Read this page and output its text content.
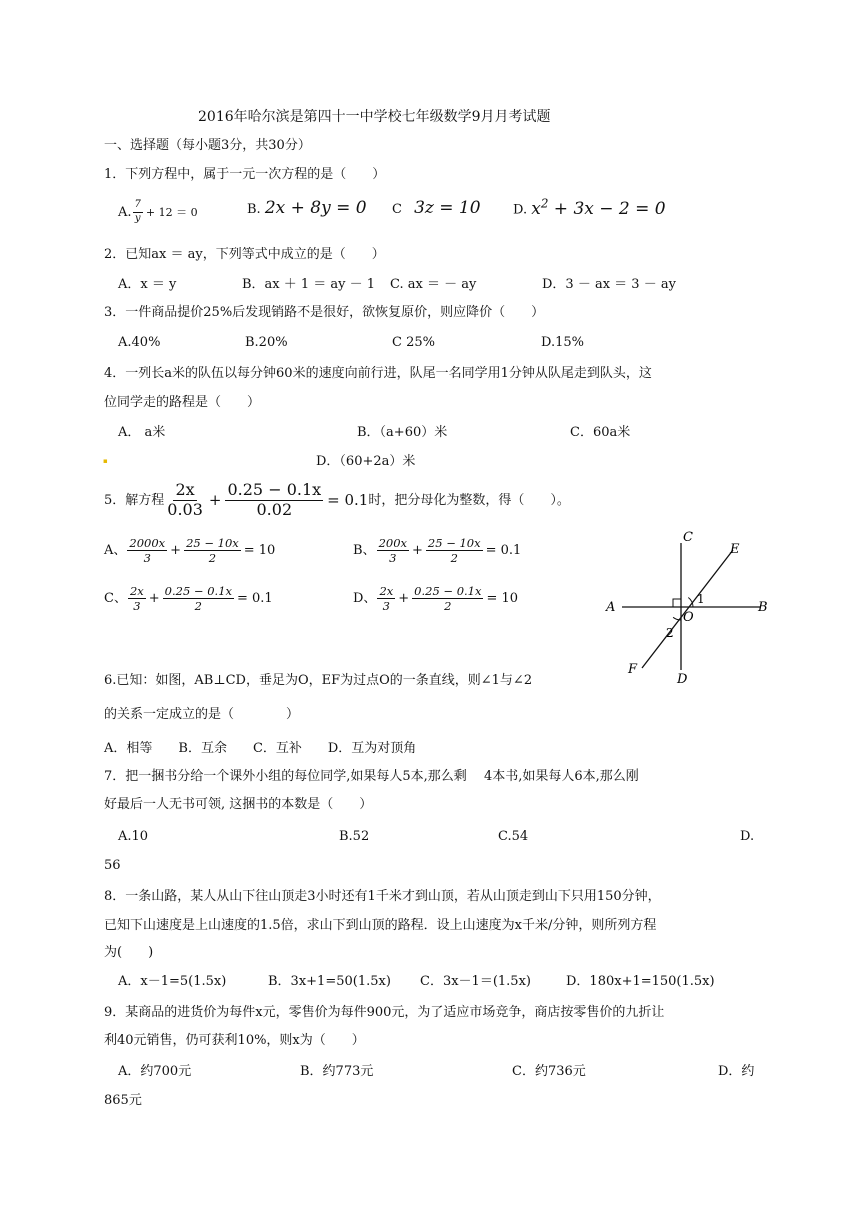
2016年哈尔滨是第四十一中学校七年级数学9月月考试题
一、选择题（每小题3分，共30分）
1．下列方程中，属于一元一次方程的是（　　）
A. $\frac{7}{y} + 12 = 0$	B. 2x + 8y = 0 C 3z = 10 D. $x^2 + 3x - 2 = 0$
2．已知ax ＝ ay，下列等式中成立的是（　　）
A．x ＝ y	B．ax ＋ 1 ＝ ay － 1 C. ax ＝ － ay	D．3 － ax ＝ 3 － ay
3．一件商品提价25%后发现销路不是很好，欲恢复原价，则应降价（　　）
A.40%	B.20%	C 25%	D.15%
4．一列长a米的队伍以每分钟60米的速度向前行进，队尾一名同学用1分钟从队尾走到队头，这
位同学走的路程是（　　）
A． a米	B．（a+60）米	C．60a米
▪	D．（60+2a）米
5．解方程 $\frac{2x}{0.03} + \frac{0.25 - 0.1x}{0.02} = 0.1$ 时，把分母化为整数，得（　　）。
A、 $\frac{2000x}{3} + \frac{25 - 10x}{2} = 10$	B、 $\frac{200x}{3} + \frac{25 - 10x}{2} = 0.1$
C、 $\frac{2x}{3} + \frac{0.25 - 0.1x}{2} = 0.1$	D、 $\frac{2x}{3} + \frac{0.25 - 0.1x}{2} = 10$
C
E
A
O
1
B
2
F
D
6.已知：如图，AB⊥CD，垂足为O，EF为过点O的一条直线，则∠1与∠2
的关系一定成立的是（　　　　）
A．相等　　B．互余　　C．互补　　D．互为对顶角
7．把一捆书分给一个课外小组的每位同学,如果每人5本,那么剩　 4本书,如果每人6本,那么刚
好最后一人无书可领, 这捆书的本数是（　　）
A.10	B.52	C.54	D.
56
8．一条山路，某人从山下往山顶走3小时还有1千米才到山顶，若从山顶走到山下只用150分钟，
已知下山速度是上山速度的1.5倍，求山下到山顶的路程．设上山速度为x千米/分钟，则所列方程
为(　　)
A．x－1=5(1.5x)	B．3x+1=50(1.5x) C．3x－1＝(1.5x)	D．180x+1=150(1.5x)
9．某商品的进货价为每件x元，零售价为每件900元，为了适应市场竞争，商店按零售价的九折让
利40元销售，仍可获利10%，则x为（　　）
A．约700元	B．约773元	C．约736元	D．约
865元
